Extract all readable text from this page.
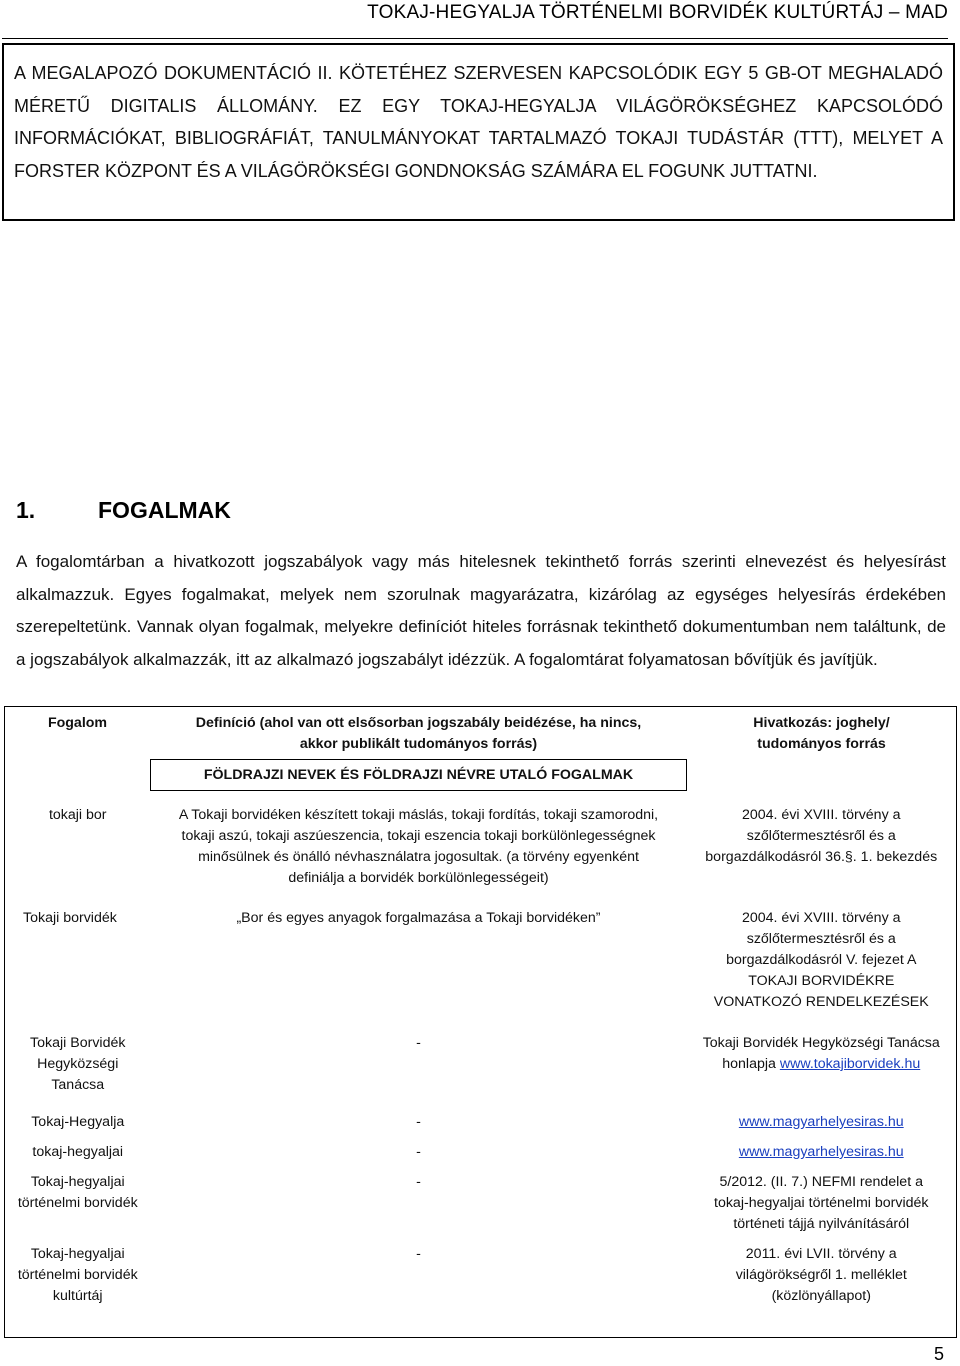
TOKAJ-HEGYALJA TÖRTÉNELMI BORVIDÉK KULTÚRTÁJ – MAD
A MEGALAPOZÓ DOKUMENTÁCIÓ II. KÖTETÉHEZ SZERVESEN KAPCSOLÓDIK EGY 5 GB-OT MEGHALADÓ MÉRETŰ DIGITALIS ÁLLOMÁNY. EZ EGY TOKAJ-HEGYALJA VILÁGÖRÖKSÉGHEZ KAPCSOLÓDÓ INFORMÁCIÓKAT, BIBLIOGRÁFIÁT, TANULMÁNYOKAT TARTALMAZÓ TOKAJI TUDÁSTÁR (TTT), MELYET A FORSTER KÖZPONT ÉS A VILÁGÖRÖKSÉGI GONDNOKSÁG SZÁMÁRA EL FOGUNK JUTTATNI.
1.	FOGALMAK
A fogalomtárban a hivatkozott jogszabályok vagy más hitelesnek tekinthető forrás szerinti elnevezést és helyesírást alkalmazzuk. Egyes fogalmakat, melyek nem szorulnak magyarázatra, kizárólag az egységes helyesírás érdekében szerepeltetünk. Vannak olyan fogalmak, melyekre definíciót hiteles forrásnak tekinthető dokumentumban nem találtunk, de a jogszabályok alkalmazzák, itt az alkalmazó jogszabályt idézzük. A fogalomtárat folyamatosan bővítjük és javítjük.
Fogalom	Definíció (ahol van ott elsősorban jogszabály beidézése, ha nincs, akkor publikált tudományos forrás)	Hivatkozás: joghely/ tudományos forrás
	FÖLDRAJZI NEVEK ÉS FÖLDRAJZI NÉVRE UTALÓ FOGALMAK	
tokaji bor	A Tokaji borvidéken készített tokaji máslás, tokaji fordítás, tokaji szamorodni, tokaji aszú, tokaji aszúeszencia, tokaji eszencia tokaji borkülönlegességnek minősülnek és önálló névhasználatra jogosultak. (a törvény egyenként definiálja a borvidék borkülönlegességeit)	2004. évi XVIII. törvény a szőlőtermesztésről és a borgazdálkodásról 36.§. 1. bekezdés
Tokaji borvidék	„Bor és egyes anyagok forgalmazása a Tokaji borvidéken”	2004. évi XVIII. törvény a szőlőtermesztésről és a borgazdálkodásról V. fejezet A TOKAJI BORVIDÉKRE VONATKOZÓ RENDELKEZÉSEK
Tokaji Borvidék Hegyközségi Tanácsa	-	Tokaji Borvidék Hegyközségi Tanácsa honlapja www.tokajiborvidek.hu
Tokaj-Hegyalja	-	www.magyarhelyesiras.hu
tokaj-hegyaljai	-	www.magyarhelyesiras.hu
Tokaj-hegyaljai történelmi borvidék	-	5/2012. (II. 7.) NEFMI rendelet a tokaj-hegyaljai történelmi borvidék történeti tájjá nyilvánításáról
Tokaj-hegyaljai történelmi borvidék kultúrtáj	-	2011. évi LVII. törvény a világörökségről 1. melléklet (közlönyállapot)

5
